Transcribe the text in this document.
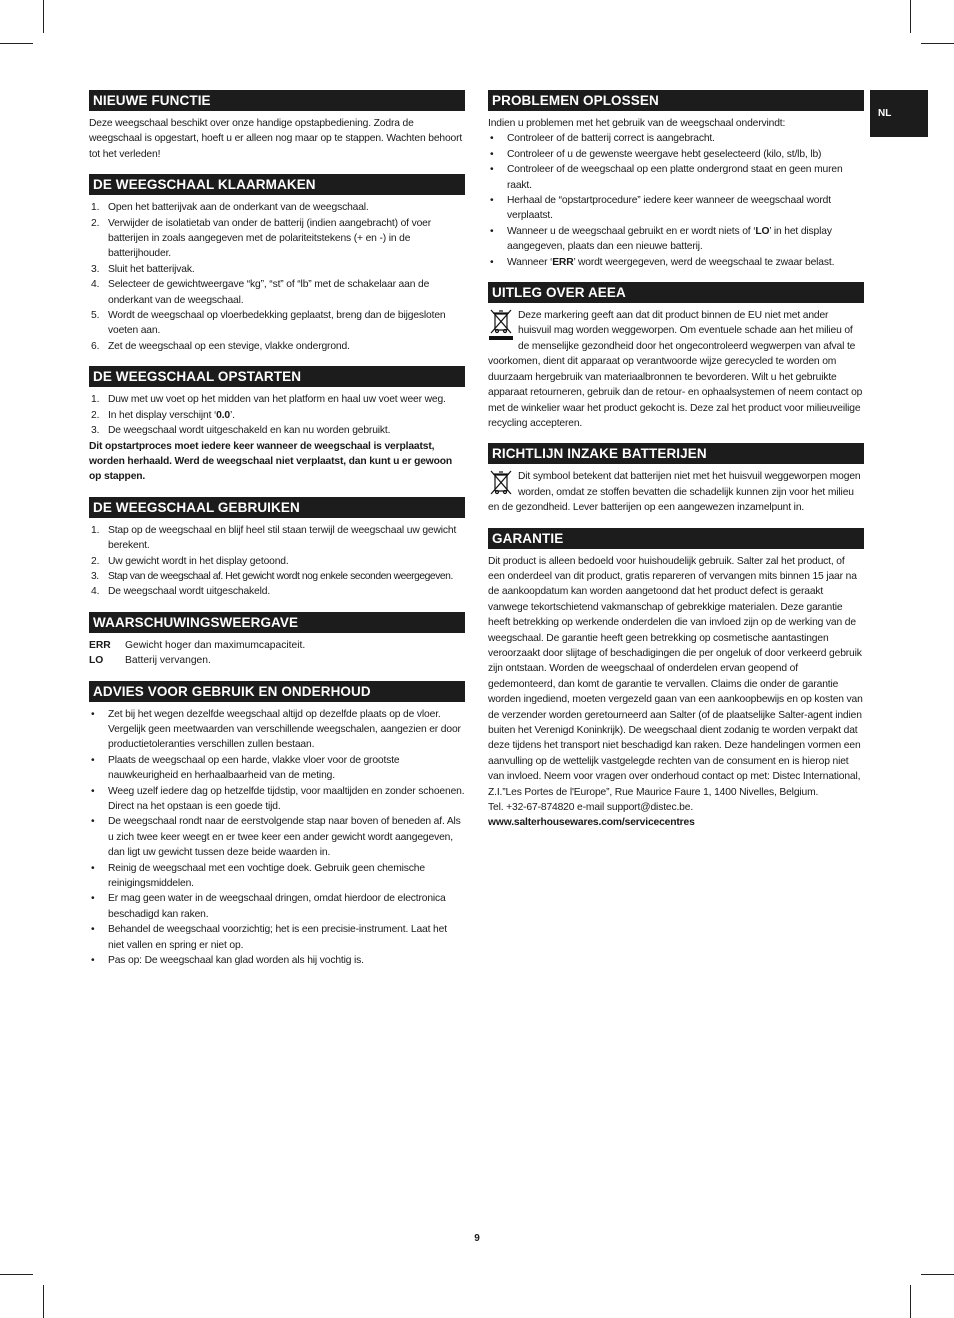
NL
NIEUWE FUNCTIE
Deze weegschaal beschikt over onze handige opstapbediening. Zodra de weegschaal is opgestart, hoeft u er alleen nog maar op te stappen. Wachten behoort tot het verleden!
DE WEEGSCHAAL KLAARMAKEN
1. Open het batterijvak aan de onderkant van de weegschaal.
2. Verwijder de isolatietab van onder de batterij (indien aangebracht) of voer batterijen in zoals aangegeven met de polariteitstekens (+ en -) in de batterijhouder.
3. Sluit het batterijvak.
4. Selecteer de gewichtweergave “kg”, “st” of “lb” met de schakelaar aan de onderkant van de weegschaal.
5. Wordt de weegschaal op vloerbedekking geplaatst, breng dan de bijgesloten voeten aan.
6. Zet de weegschaal op een stevige, vlakke ondergrond.
DE WEEGSCHAAL OPSTARTEN
1. Duw met uw voet op het midden van het platform en haal uw voet weer weg.
2. In het display verschijnt ‘0.0’.
3. De weegschaal wordt uitgeschakeld en kan nu worden gebruikt.
Dit opstartproces moet iedere keer wanneer de weegschaal is verplaatst, worden herhaald. Werd de weegschaal niet verplaatst, dan kunt u er gewoon op stappen.
DE WEEGSCHAAL GEBRUIKEN
1. Stap op de weegschaal en blijf heel stil staan terwijl de weegschaal uw gewicht berekent.
2. Uw gewicht wordt in het display getoond.
3. Stap van de weegschaal af. Het gewicht wordt nog enkele seconden weergegeven.
4. De weegschaal wordt uitgeschakeld.
WAARSCHUWINGSWEERGAVE
ERR	Gewicht hoger dan maximumcapaciteit.
LO	Batterij vervangen.
ADVIES VOOR GEBRUIK EN ONDERHOUD
• Zet bij het wegen dezelfde weegschaal altijd op dezelfde plaats op de vloer. Vergelijk geen meetwaarden van verschillende weegschalen, aangezien er door productietoleranties verschillen zullen bestaan.
• Plaats de weegschaal op een harde, vlakke vloer voor de grootste nauwkeurigheid en herhaalbaarheid van de meting.
• Weeg uzelf iedere dag op hetzelfde tijdstip, voor maaltijden en zonder schoenen. Direct na het opstaan is een goede tijd.
• De weegschaal rondt naar de eerstvolgende stap naar boven of beneden af. Als u zich twee keer weegt en er twee keer een ander gewicht wordt aangegeven, dan ligt uw gewicht tussen deze beide waarden in.
• Reinig de weegschaal met een vochtige doek. Gebruik geen chemische reinigingsmiddelen.
• Er mag geen water in de weegschaal dringen, omdat hierdoor de electronica beschadigd kan raken.
• Behandel de weegschaal voorzichtig; het is een precisie-instrument. Laat het niet vallen en spring er niet op.
• Pas op: De weegschaal kan glad worden als hij vochtig is.
PROBLEMEN OPLOSSEN
Indien u problemen met het gebruik van de weegschaal ondervindt:
• Controleer of de batterij correct is aangebracht.
• Controleer of u de gewenste weergave hebt geselecteerd (kilo, st/lb, lb)
• Controleer of de weegschaal op een platte ondergrond staat en geen muren raakt.
• Herhaal de “opstartprocedure” iedere keer wanneer de weegschaal wordt verplaatst.
• Wanneer u de weegschaal gebruikt en er wordt niets of ‘LO’ in het display aangegeven, plaats dan een nieuwe batterij.
• Wanneer ‘ERR’ wordt weergegeven, werd de weegschaal te zwaar belast.
UITLEG OVER AEEA
Deze markering geeft aan dat dit product binnen de EU niet met ander huisvuil mag worden weggeworpen. Om eventuele schade aan het milieu of de menselijke gezondheid door het ongecontroleerd wegwerpen van afval te voorkomen, dient dit apparaat op verantwoorde wijze gerecycled te worden om duurzaam hergebruik van materiaalbronnen te bevorderen. Wilt u het gebruikte apparaat retourneren, gebruik dan de retour- en ophaalsystemen of neem contact op met de winkelier waar het product gekocht is. Deze zal het product voor milieuveilige recycling accepteren.
RICHTLIJN INZAKE BATTERIJEN
Dit symbool betekent dat batterijen niet met het huisvuil weggeworpen mogen worden, omdat ze stoffen bevatten die schadelijk kunnen zijn voor het milieu en de gezondheid. Lever batterijen op een aangewezen inzamelpunt in.
GARANTIE
Dit product is alleen bedoeld voor huishoudelijk gebruik. Salter zal het product, of een onderdeel van dit product, gratis repareren of vervangen mits binnen 15 jaar na de aankoopdatum kan worden aangetoond dat het product defect is geraakt vanwege tekortschietend vakmanschap of gebrekkige materialen. Deze garantie heeft betrekking op werkende onderdelen die van invloed zijn op de werking van de weegschaal. De garantie heeft geen betrekking op cosmetische aantastingen veroorzaakt door slijtage of beschadigingen die per ongeluk of door verkeerd gebruik zijn ontstaan. Worden de weegschaal of onderdelen ervan geopend of gedemonteerd, dan komt de garantie te vervallen. Claims die onder de garantie worden ingediend, moeten vergezeld gaan van een aankoopbewijs en op kosten van de verzender worden geretourneerd aan Salter (of de plaatselijke Salter-agent indien buiten het Verenigd Koninkrijk). De weegschaal dient zodanig te worden verpakt dat deze tijdens het transport niet beschadigd kan raken. Deze handelingen vormen een aanvulling op de wettelijk vastgelegde rechten van de consument en is hierop niet van invloed. Neem voor vragen over onderhoud contact op met: Distec International, Z.I.”Les Portes de l'Europe”, Rue Maurice Faure 1, 1400 Nivelles, Belgium.
Tel. +32-67-874820 e-mail support@distec.be.
www.salterhousewares.com/servicecentres
9
